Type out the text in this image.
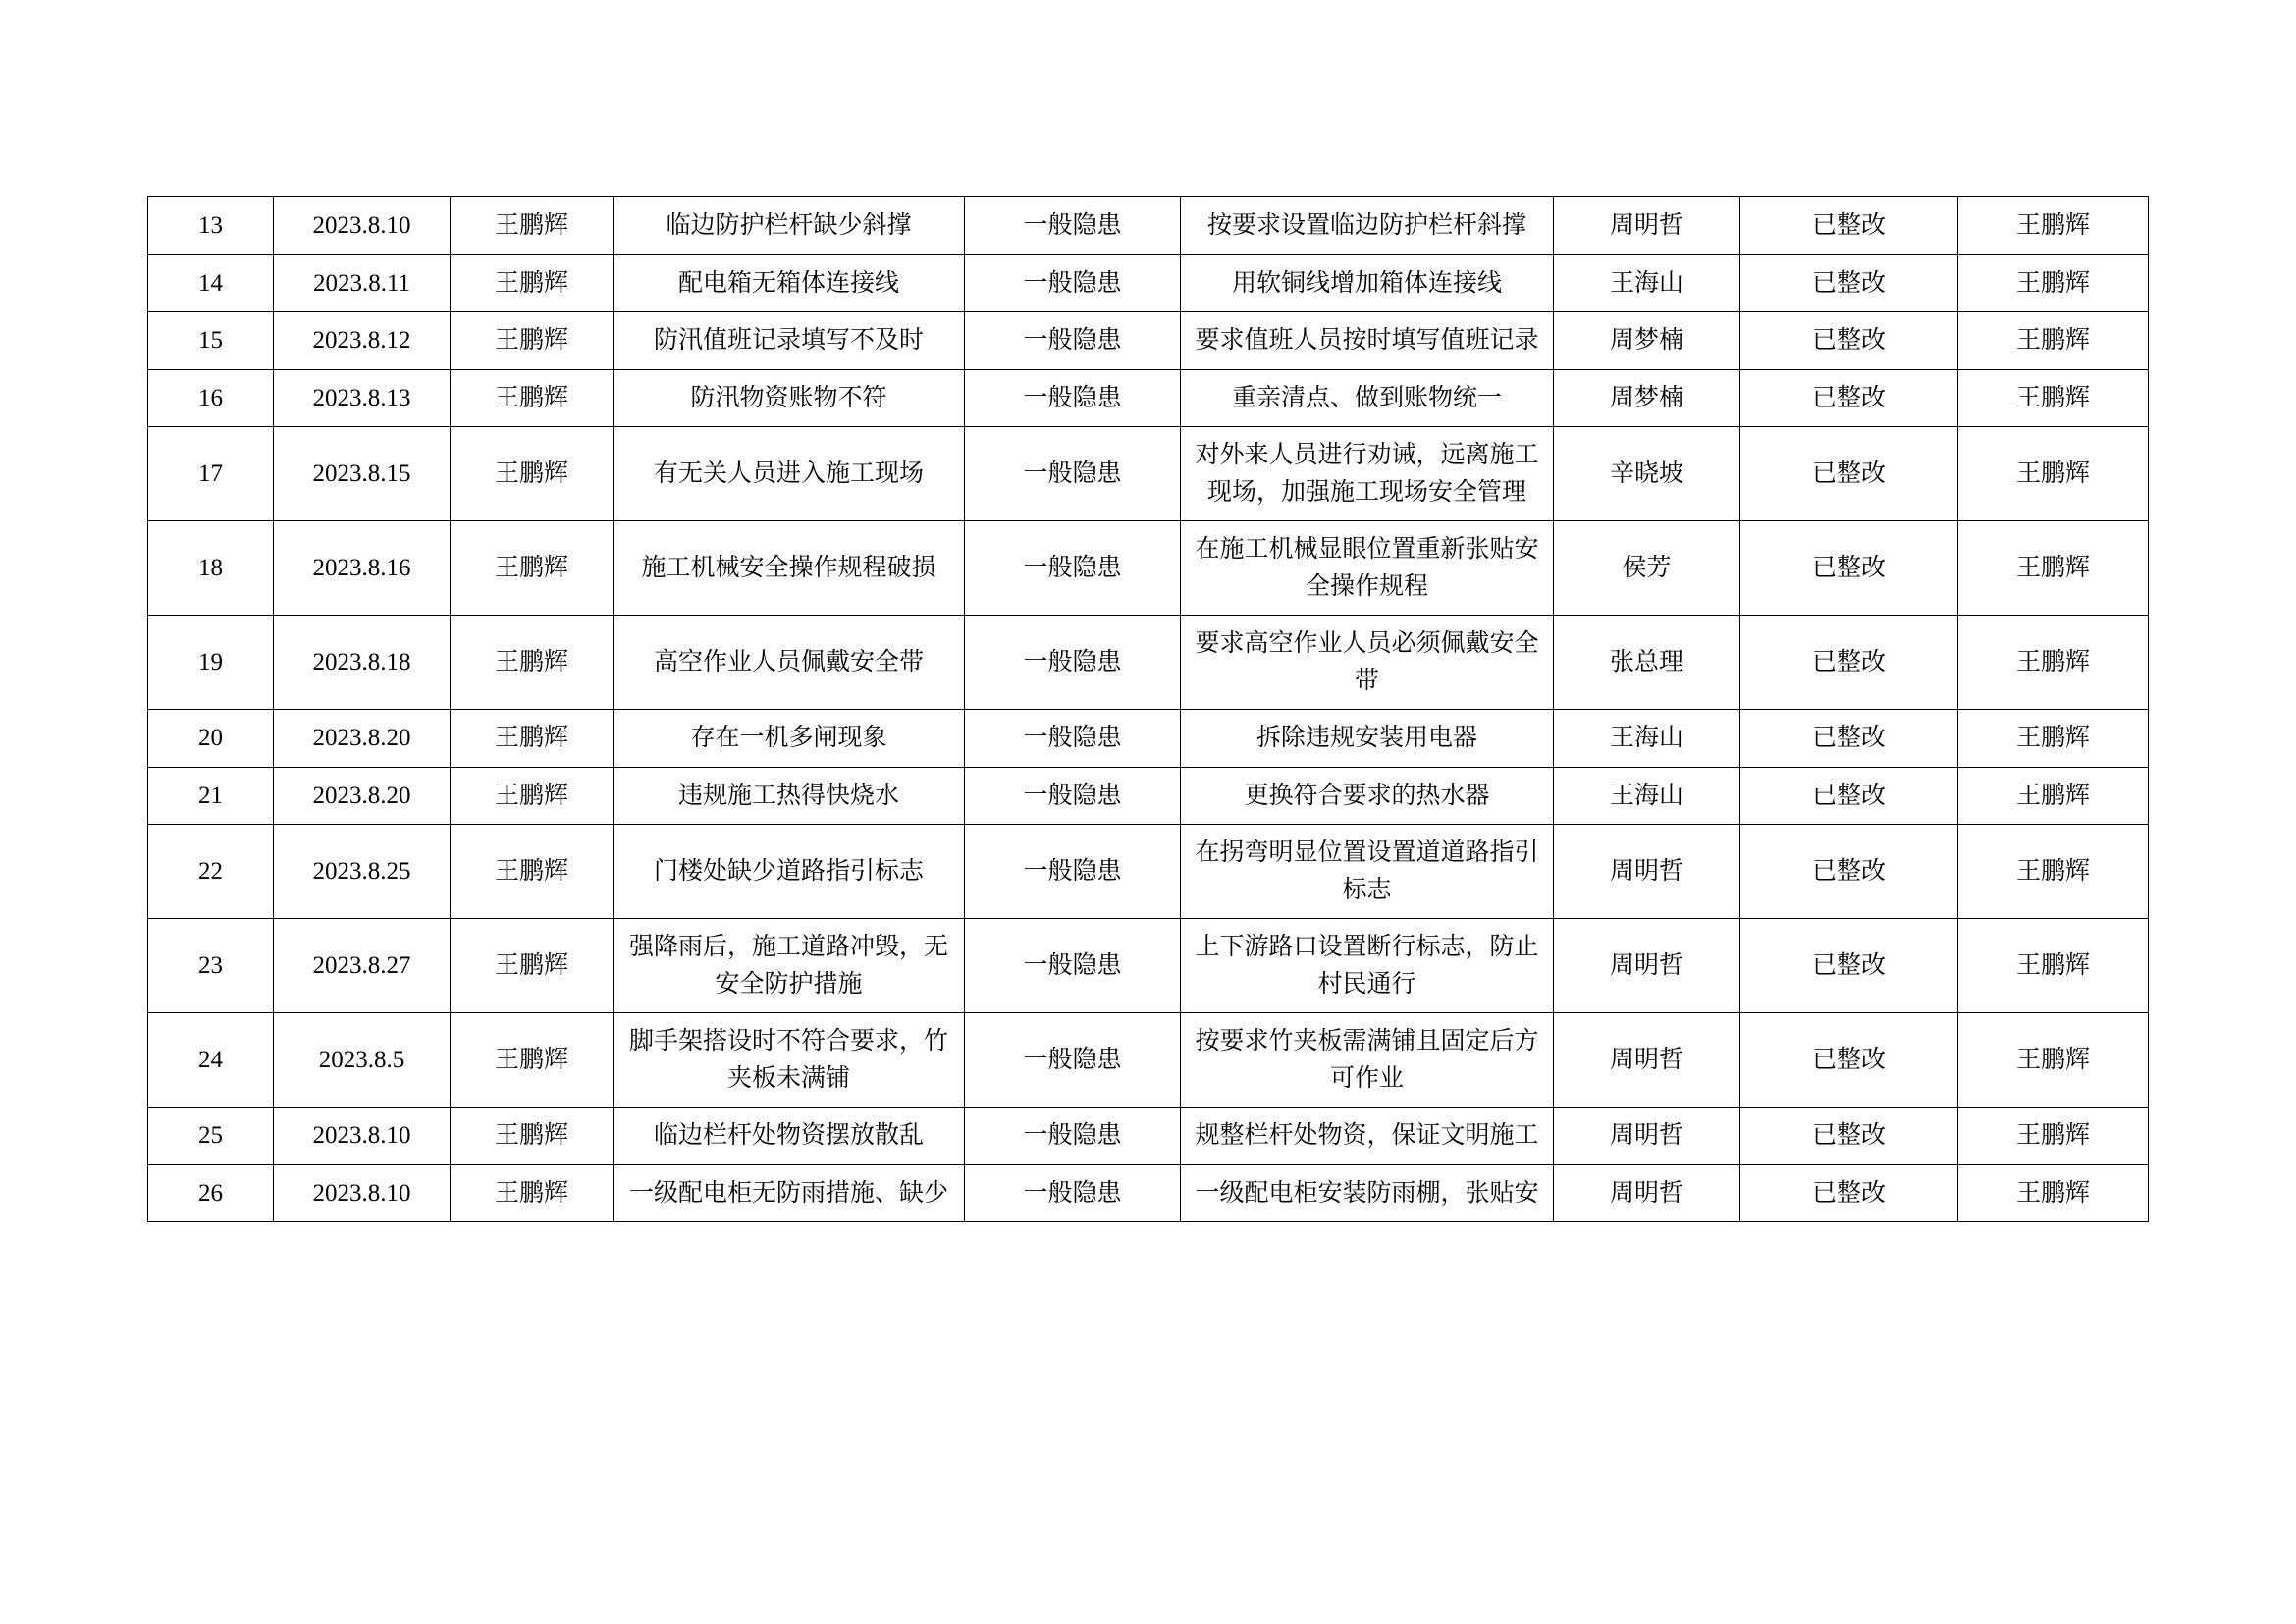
13	2023.8.10	王鹏辉	临边防护栏杆缺少斜撑	一般隐患	按要求设置临边防护栏杆斜撑	周明哲	已整改	王鹏辉
14	2023.8.11	王鹏辉	配电箱无箱体连接线	一般隐患	用软铜线增加箱体连接线	王海山	已整改	王鹏辉
15	2023.8.12	王鹏辉	防汛值班记录填写不及时	一般隐患	要求值班人员按时填写值班记录	周梦楠	已整改	王鹏辉
16	2023.8.13	王鹏辉	防汛物资账物不符	一般隐患	重亲清点、做到账物统一	周梦楠	已整改	王鹏辉
17	2023.8.15	王鹏辉	有无关人员进入施工现场	一般隐患	对外来人员进行劝诫，远离施工现场，加强施工现场安全管理	辛晓坡	已整改	王鹏辉
18	2023.8.16	王鹏辉	施工机械安全操作规程破损	一般隐患	在施工机械显眼位置重新张贴安全操作规程	侯芳	已整改	王鹏辉
19	2023.8.18	王鹏辉	高空作业人员佩戴安全带	一般隐患	要求高空作业人员必须佩戴安全带	张总理	已整改	王鹏辉
20	2023.8.20	王鹏辉	存在一机多闸现象	一般隐患	拆除违规安装用电器	王海山	已整改	王鹏辉
21	2023.8.20	王鹏辉	违规施工热得快烧水	一般隐患	更换符合要求的热水器	王海山	已整改	王鹏辉
22	2023.8.25	王鹏辉	门楼处缺少道路指引标志	一般隐患	在拐弯明显位置设置道道路指引标志	周明哲	已整改	王鹏辉
23	2023.8.27	王鹏辉	强降雨后，施工道路冲毁，无安全防护措施	一般隐患	上下游路口设置断行标志，防止村民通行	周明哲	已整改	王鹏辉
24	2023.8.5	王鹏辉	脚手架搭设时不符合要求，竹夹板未满铺	一般隐患	按要求竹夹板需满铺且固定后方可作业	周明哲	已整改	王鹏辉
25	2023.8.10	王鹏辉	临边栏杆处物资摆放散乱	一般隐患	规整栏杆处物资，保证文明施工	周明哲	已整改	王鹏辉
26	2023.8.10	王鹏辉	一级配电柜无防雨措施、缺少	一般隐患	一级配电柜安装防雨棚，张贴安	周明哲	已整改	王鹏辉
